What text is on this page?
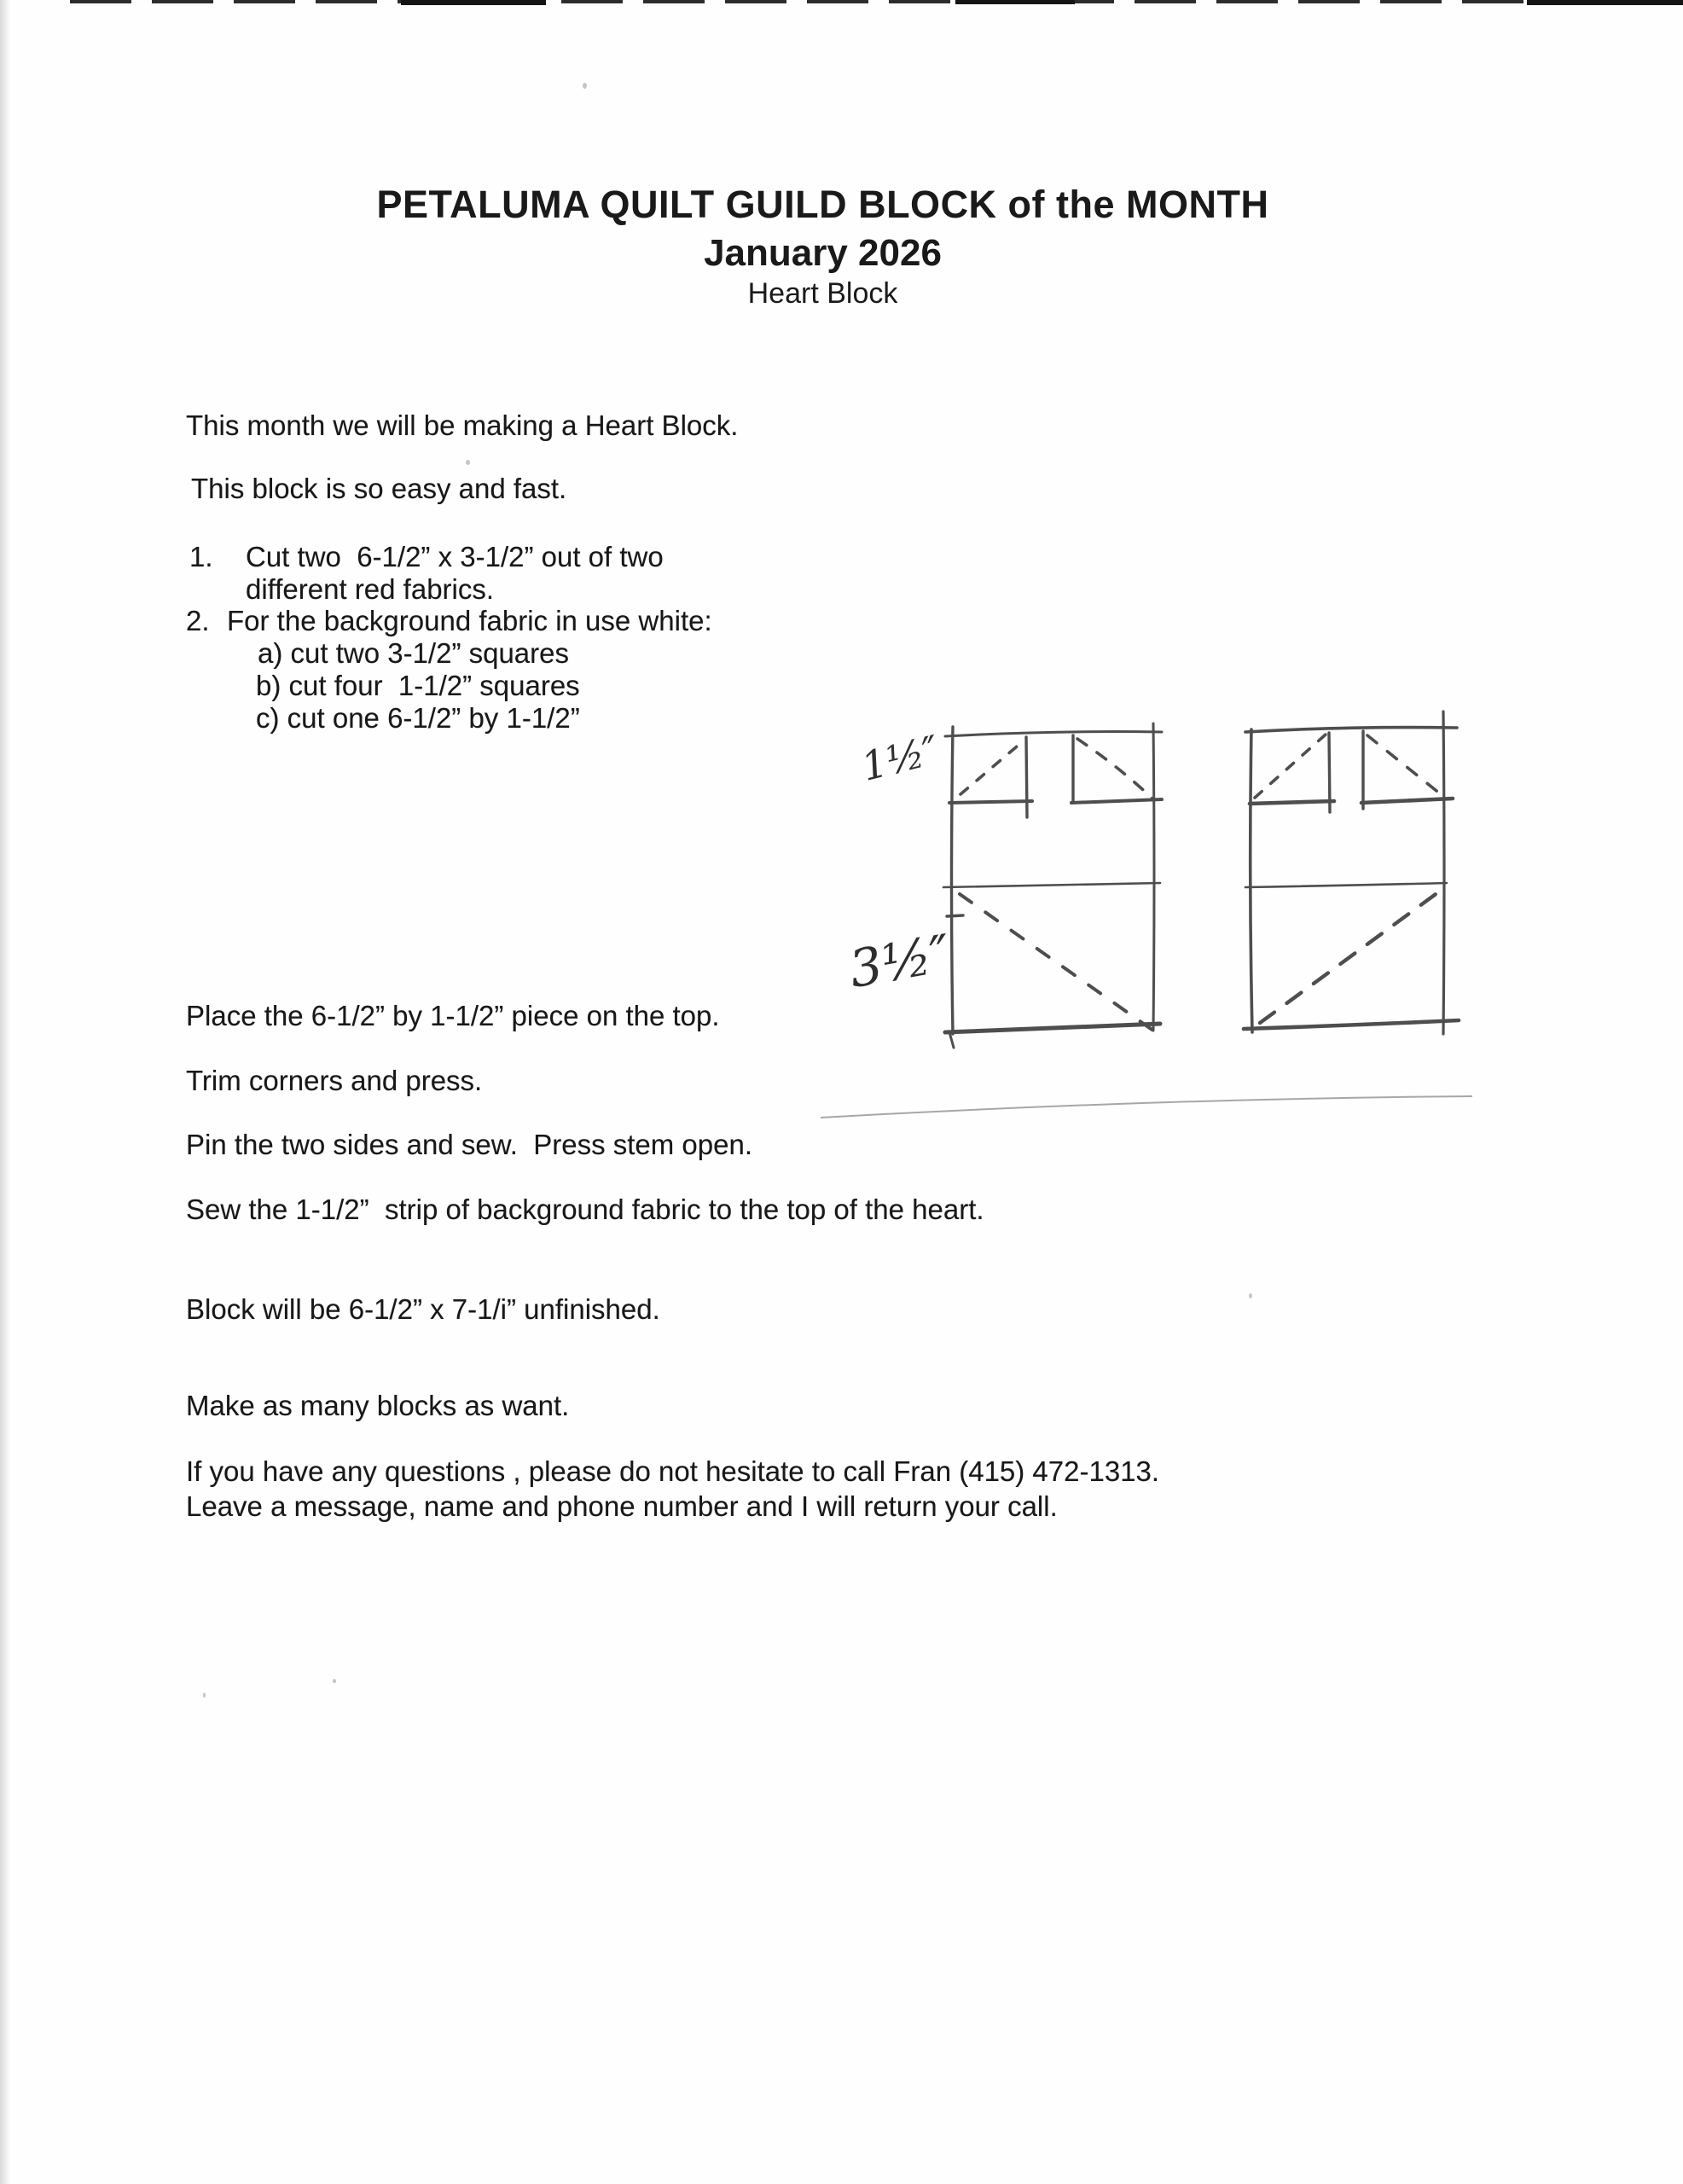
1½″
3½″
PETALUMA QUILT GUILD BLOCK of the MONTH
January 2026
Heart Block
This month we will be making a Heart Block.
This block is so easy and fast.
1. Cut two  6-1/2” x 3-1/2” out of two
different red fabrics.
2. For the background fabric in use white:
a) cut two 3-1/2” squares
b) cut four  1-1/2” squares
c) cut one 6-1/2” by 1-1/2”
Place the 6-1/2” by 1-1/2” piece on the top.
Trim corners and press.
Pin the two sides and sew.  Press stem open.
Sew the 1-1/2”  strip of background fabric to the top of the heart.
Block will be 6-1/2” x 7-1/i” unfinished.
Make as many blocks as want.
If you have any questions , please do not hesitate to call Fran (415) 472-1313.
Leave a message, name and phone number and I will return your call.
